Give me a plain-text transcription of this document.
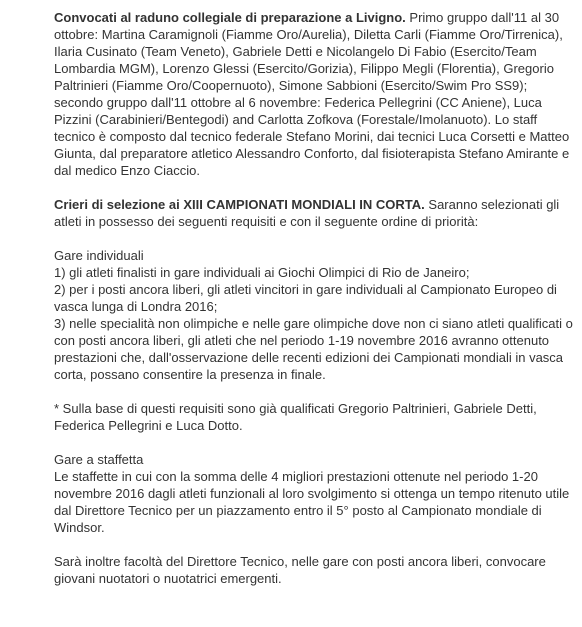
Convocati al raduno collegiale di preparazione a Livigno. Primo gruppo dall'11 al 30 ottobre: Martina Caramignoli (Fiamme Oro/Aurelia), Diletta Carli (Fiamme Oro/Tirrenica), Ilaria Cusinato (Team Veneto), Gabriele Detti e Nicolangelo Di Fabio (Esercito/Team Lombardia MGM), Lorenzo Glessi (Esercito/Gorizia), Filippo Megli (Florentia), Gregorio Paltrinieri (Fiamme Oro/Coopernuoto), Simone Sabbioni (Esercito/Swim Pro SS9); secondo gruppo dall'11 ottobre al 6 novembre: Federica Pellegrini (CC Aniene), Luca Pizzini (Carabinieri/Bentegodi) and Carlotta Zofkova (Forestale/Imolanuoto). Lo staff tecnico è composto dal tecnico federale Stefano Morini, dai tecnici Luca Corsetti e Matteo Giunta, dal preparatore atletico Alessandro Conforto, dal fisioterapista Stefano Amirante e dal medico Enzo Ciaccio.

Crieri di selezione ai XIII CAMPIONATI MONDIALI IN CORTA. Saranno selezionati gli atleti in possesso dei seguenti requisiti e con il seguente ordine di priorità:

Gare individuali
1) gli atleti finalisti in gare individuali ai Giochi Olimpici di Rio de Janeiro;
2) per i posti ancora liberi, gli atleti vincitori in gare individuali al Campionato Europeo di vasca lunga di Londra 2016;
3) nelle specialità non olimpiche e nelle gare olimpiche dove non ci siano atleti qualificati o con posti ancora liberi, gli atleti che nel periodo 1-19 novembre 2016 avranno ottenuto prestazioni che, dall'osservazione delle recenti edizioni dei Campionati mondiali in vasca corta, possano consentire la presenza in finale.

* Sulla base di questi requisiti sono già qualificati Gregorio Paltrinieri, Gabriele Detti, Federica Pellegrini e Luca Dotto.

Gare a staffetta
Le staffette in cui con la somma delle 4 migliori prestazioni ottenute nel periodo 1-20 novembre 2016 dagli atleti funzionali al loro svolgimento si ottenga un tempo ritenuto utile dal Direttore Tecnico per un piazzamento entro il 5° posto al Campionato mondiale di Windsor.

Sarà inoltre facoltà del Direttore Tecnico, nelle gare con posti ancora liberi, convocare giovani nuotatori o nuotatrici emergenti.
